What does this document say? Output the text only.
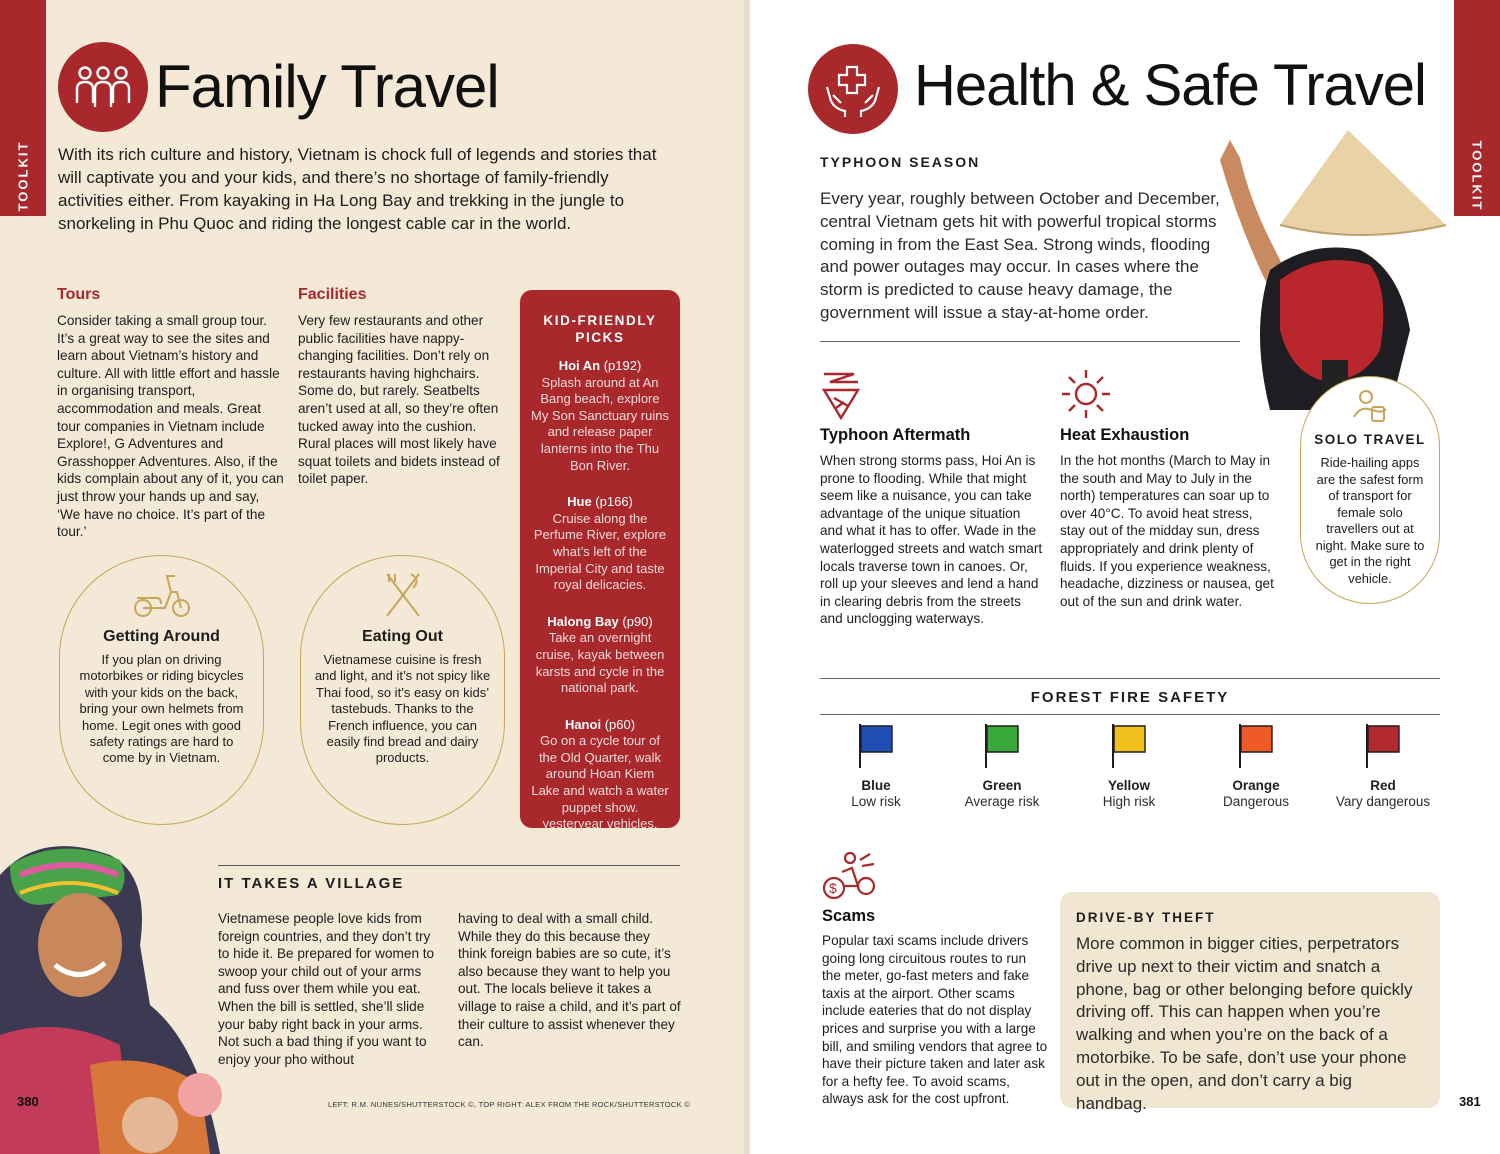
TOOLKIT
Family Travel
With its rich culture and history, Vietnam is chock full of legends and stories that will captivate you and your kids, and there’s no shortage of family-friendly activities either. From kayaking in Ha Long Bay and trekking in the jungle to snorkeling in Phu Quoc and riding the longest cable car in the world.
Tours
Consider taking a small group tour. It’s a great way to see the sites and learn about Vietnam’s history and culture. All with little effort and hassle in organising transport, accommodation and meals. Great tour companies in Vietnam include Explore!, G Adventures and Grasshopper Adventures. Also, if the kids complain about any of it, you can just throw your hands up and say, ‘We have no choice. It’s part of the tour.’
Facilities
Very few restaurants and other public facilities have nappy-changing facilities. Don’t rely on restaurants having highchairs. Some do, but rarely. Seatbelts aren’t used at all, so they’re often tucked away into the cushion. Rural places will most likely have squat toilets and bidets instead of toilet paper.
KID-FRIENDLY PICKS
Hoi An (p192)
Splash around at An Bang beach, explore My Son Sanctuary ruins and release paper lanterns into the Thu Bon River.
Hue (p166)
Cruise along the Perfume River, explore what’s left of the Imperial City and taste royal delicacies.
Halong Bay (p90)
Take an overnight cruise, kayak between karsts and cycle in the national park.
Hanoi (p60)
Go on a cycle tour of the Old Quarter, walk around Hoan Kiem Lake and watch a water puppet show. yesteryear vehicles.
Getting Around
If you plan on driving motorbikes or riding bicycles with your kids on the back, bring your own helmets from home. Legit ones with good safety ratings are hard to come by in Vietnam.
Eating Out
Vietnamese cuisine is fresh and light, and it’s not spicy like Thai food, so it’s easy on kids’ tastebuds. Thanks to the French influence, you can easily find bread and dairy products.
IT TAKES A VILLAGE
Vietnamese people love kids from foreign countries, and they don’t try to hide it. Be prepared for women to swoop your child out of your arms and fuss over them while you eat. When the bill is settled, she’ll slide your baby right back in your arms. Not such a bad thing if you want to enjoy your pho without
having to deal with a small child. While they do this because they think foreign babies are so cute, it’s also because they want to help you out. The locals believe it takes a village to raise a child, and it’s part of their culture to assist whenever they can.
380	LEFT: R.M. NUNES/SHUTTERSTOCK ©, TOP RIGHT: ALEX FROM THE ROCK/SHUTTERSTOCK ©
TOOLKIT
Health & Safe Travel
TYPHOON SEASON
Every year, roughly between October and December, central Vietnam gets hit with powerful tropical storms coming in from the East Sea. Strong winds, flooding and power outages may occur. In cases where the storm is predicted to cause heavy damage, the government will issue a stay-at-home order.
Typhoon Aftermath
When strong storms pass, Hoi An is prone to flooding. While that might seem like a nuisance, you can take advantage of the unique situation and what it has to offer. Wade in the waterlogged streets and watch smart locals traverse town in canoes. Or, roll up your sleeves and lend a hand in clearing debris from the streets and unclogging waterways.
Heat Exhaustion
In the hot months (March to May in the south and May to July in the north) temperatures can soar up to over 40°C. To avoid heat stress, stay out of the midday sun, dress appropriately and drink plenty of fluids. If you experience weakness, headache, dizziness or nausea, get out of the sun and drink water.
SOLO TRAVEL
Ride-hailing apps are the safest form of transport for female solo travellers out at night. Make sure to get in the right vehicle.
FOREST FIRE SAFETY
Blue
Low risk
Green
Average risk
Yellow
High risk
Orange
Dangerous
Red
Vary dangerous
$
Scams
Popular taxi scams include drivers going long circuitous routes to run the meter, go-fast meters and fake taxis at the airport. Other scams include eateries that do not display prices and surprise you with a large bill, and smiling vendors that agree to have their picture taken and later ask for a hefty fee. To avoid scams, always ask for the cost upfront.
DRIVE-BY THEFT
More common in bigger cities, perpetrators drive up next to their victim and snatch a phone, bag or other belonging before quickly driving off. This can happen when you’re walking and when you’re on the back of a motorbike. To be safe, don’t use your phone out in the open, and don’t carry a big handbag.	381
